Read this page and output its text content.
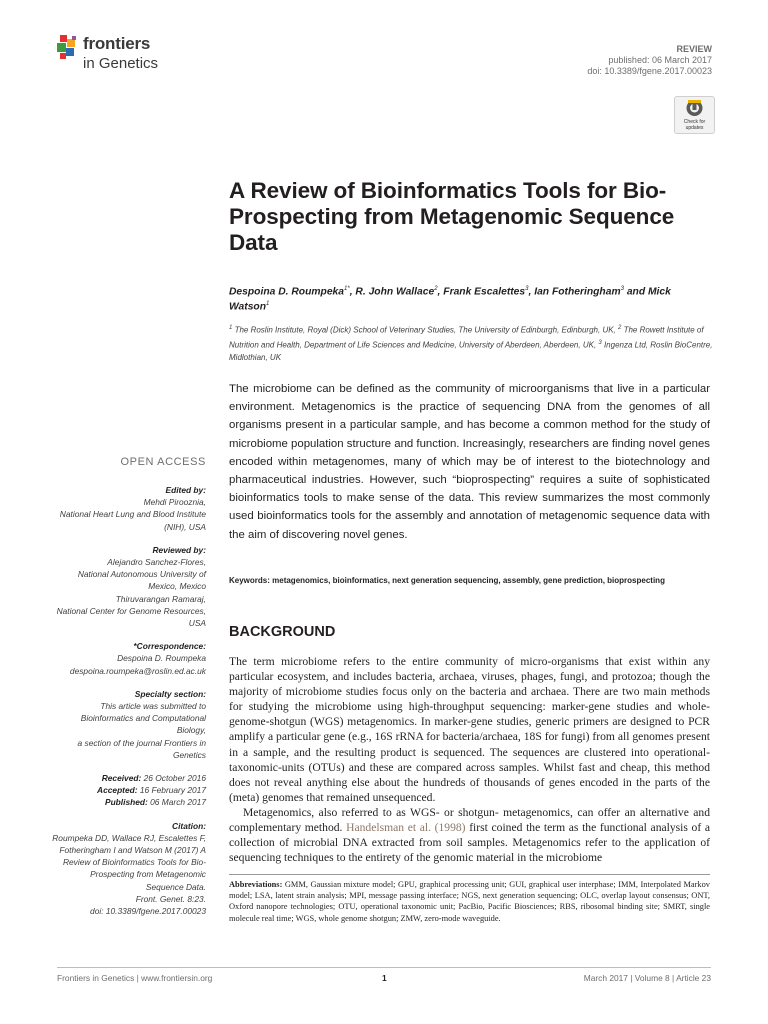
frontiers
in Genetics
REVIEW
published: 06 March 2017
doi: 10.3389/fgene.2017.00023
Check for
updates
A Review of Bioinformatics Tools for Bio-Prospecting from Metagenomic Sequence Data
Despoina D. Roumpeka$^{1*}$, R. John Wallace$^2$, Frank Escalettes$^3$, Ian Fotheringham$^3$ and Mick Watson$^1$
$^1$ The Roslin Institute, Royal (Dick) School of Veterinary Studies, The University of Edinburgh, Edinburgh, UK, $^2$ The Rowett Institute of Nutrition and Health, Department of Life Sciences and Medicine, University of Aberdeen, Aberdeen, UK, $^3$ Ingenza Ltd, Roslin BioCentre, Midlothian, UK
The microbiome can be defined as the community of microorganisms that live in a particular environment. Metagenomics is the practice of sequencing DNA from the genomes of all organisms present in a particular sample, and has become a common method for the study of microbiome population structure and function. Increasingly, researchers are finding novel genes encoded within metagenomes, many of which may be of interest to the biotechnology and pharmaceutical industries. However, such “bioprospecting” requires a suite of sophisticated bioinformatics tools to make sense of the data. This review summarizes the most commonly used bioinformatics tools for the assembly and annotation of metagenomic sequence data with the aim of discovering novel genes.
Keywords: metagenomics, bioinformatics, next generation sequencing, assembly, gene prediction, bioprospecting
OPEN ACCESS
Edited by:
Mehdi Pirooznia,
National Heart Lung and Blood Institute (NIH), USA
Reviewed by:
Alejandro Sanchez-Flores,
National Autonomous University of Mexico, Mexico
Thiruvarangan Ramaraj,
National Center for Genome Resources, USA
*Correspondence:
Despoina D. Roumpeka
despoina.roumpeka@roslin.ed.ac.uk
Specialty section:
This article was submitted to Bioinformatics and Computational Biology,
a section of the journal Frontiers in Genetics
Received: 26 October 2016
Accepted: 16 February 2017
Published: 06 March 2017
Citation:
Roumpeka DD, Wallace RJ, Escalettes F, Fotheringham I and Watson M (2017) A Review of Bioinformatics Tools for Bio-Prospecting from Metagenomic Sequence Data.
Front. Genet. 8:23.
doi: 10.3389/fgene.2017.00023
BACKGROUND
The term microbiome refers to the entire community of micro-organisms that exist within any particular ecosystem, and includes bacteria, archaea, viruses, phages, fungi, and protozoa; though the majority of microbiome studies focus only on the bacteria and archaea. There are two main methods for studying the microbiome using high-throughput sequencing: marker-gene studies and whole-genome-shotgun (WGS) metagenomics. In marker-gene studies, generic primers are designed to PCR amplify a particular gene (e.g., 16S rRNA for bacteria/archaea, 18S for fungi) from all genomes present in a sample, and the resulting product is sequenced. The sequences are clustered into operational-taxonomic-units (OTUs) and these are compared across samples. Whilst fast and cheap, this method does not reveal anything else about the hundreds of thousands of genes encoded in the parts of the (meta) genomes that remained unsequenced.
Metagenomics, also referred to as WGS- or shotgun- metagenomics, can offer an alternative and complementary method. Handelsman et al. (1998) first coined the term as the functional analysis of a collection of microbial DNA extracted from soil samples. Metagenomics refer to the application of sequencing techniques to the entirety of the genomic material in the microbiome
Abbreviations: GMM, Gaussian mixture model; GPU, graphical processing unit; GUI, graphical user interphase; IMM, Interpolated Markov model; LSA, latent strain analysis; MPI, message passing interface; NGS, next generation sequencing; OLC, overlap layout consensus; ONT, Oxford nanopore technologies; OTU, operational taxonomic unit; PacBio, Pacific Biosciences; RBS, ribosomal binding site; SMRT, single molecule real time; WGS, whole genome shotgun; ZMW, zero-mode waveguide.
Frontiers in Genetics | www.frontiersin.org	1	March 2017 | Volume 8 | Article 23
